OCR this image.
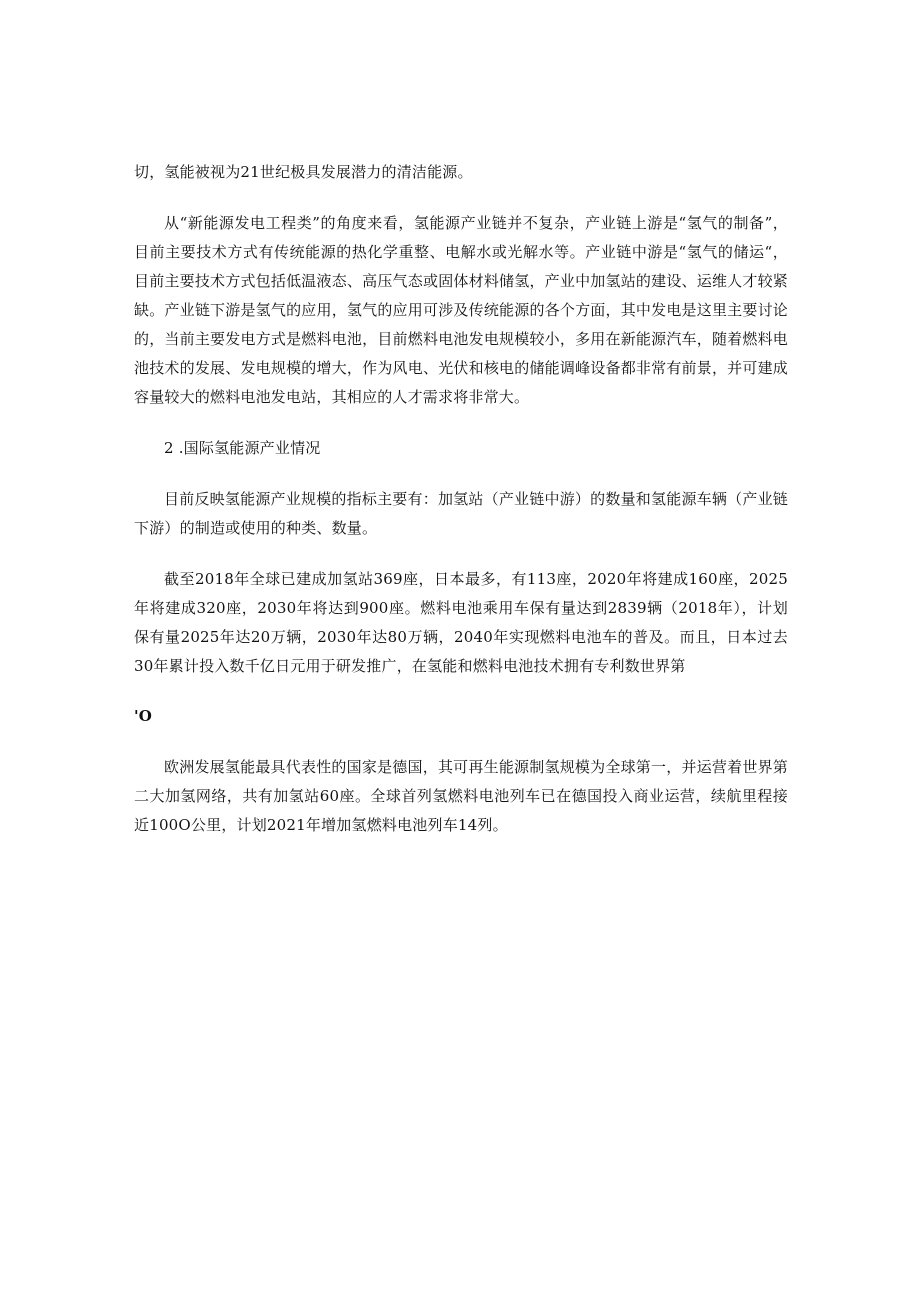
切，氢能被视为21世纪极具发展潜力的清洁能源。

从“新能源发电工程类”的角度来看，氢能源产业链并不复杂，产业链上游是“氢气的制备”，目前主要技术方式有传统能源的热化学重整、电解水或光解水等。产业链中游是“氢气的储运“，目前主要技术方式包括低温液态、高压气态或固体材料储氢，产业中加氢站的建设、运维人才较紧缺。产业链下游是氢气的应用，氢气的应用可涉及传统能源的各个方面，其中发电是这里主要讨论的，当前主要发电方式是燃料电池，目前燃料电池发电规模较小，多用在新能源汽车，随着燃料电池技术的发展、发电规模的增大，作为风电、光伏和核电的储能调峰设备都非常有前景，并可建成容量较大的燃料电池发电站，其相应的人才需求将非常大。

2 .国际氢能源产业情况

目前反映氢能源产业规模的指标主要有：加氢站（产业链中游）的数量和氢能源车辆（产业链下游）的制造或使用的种类、数量。

截至2018年全球已建成加氢站369座，日本最多，有113座，2020年将建成160座，2025年将建成320座，2030年将达到900座。燃料电池乘用车保有量达到2839辆（2018年），计划保有量2025年达20万辆，2030年达80万辆，2040年实现燃料电池车的普及。而且，日本过去30年累计投入数千亿日元用于研发推广，在氢能和燃料电池技术拥有专利数世界第

'O

欧洲发展氢能最具代表性的国家是德国，其可再生能源制氢规模为全球第一，并运营着世界第二大加氢网络，共有加氢站60座。全球首列氢燃料电池列车已在德国投入商业运营，续航里程接近100O公里，计划2021年增加氢燃料电池列车14列。
